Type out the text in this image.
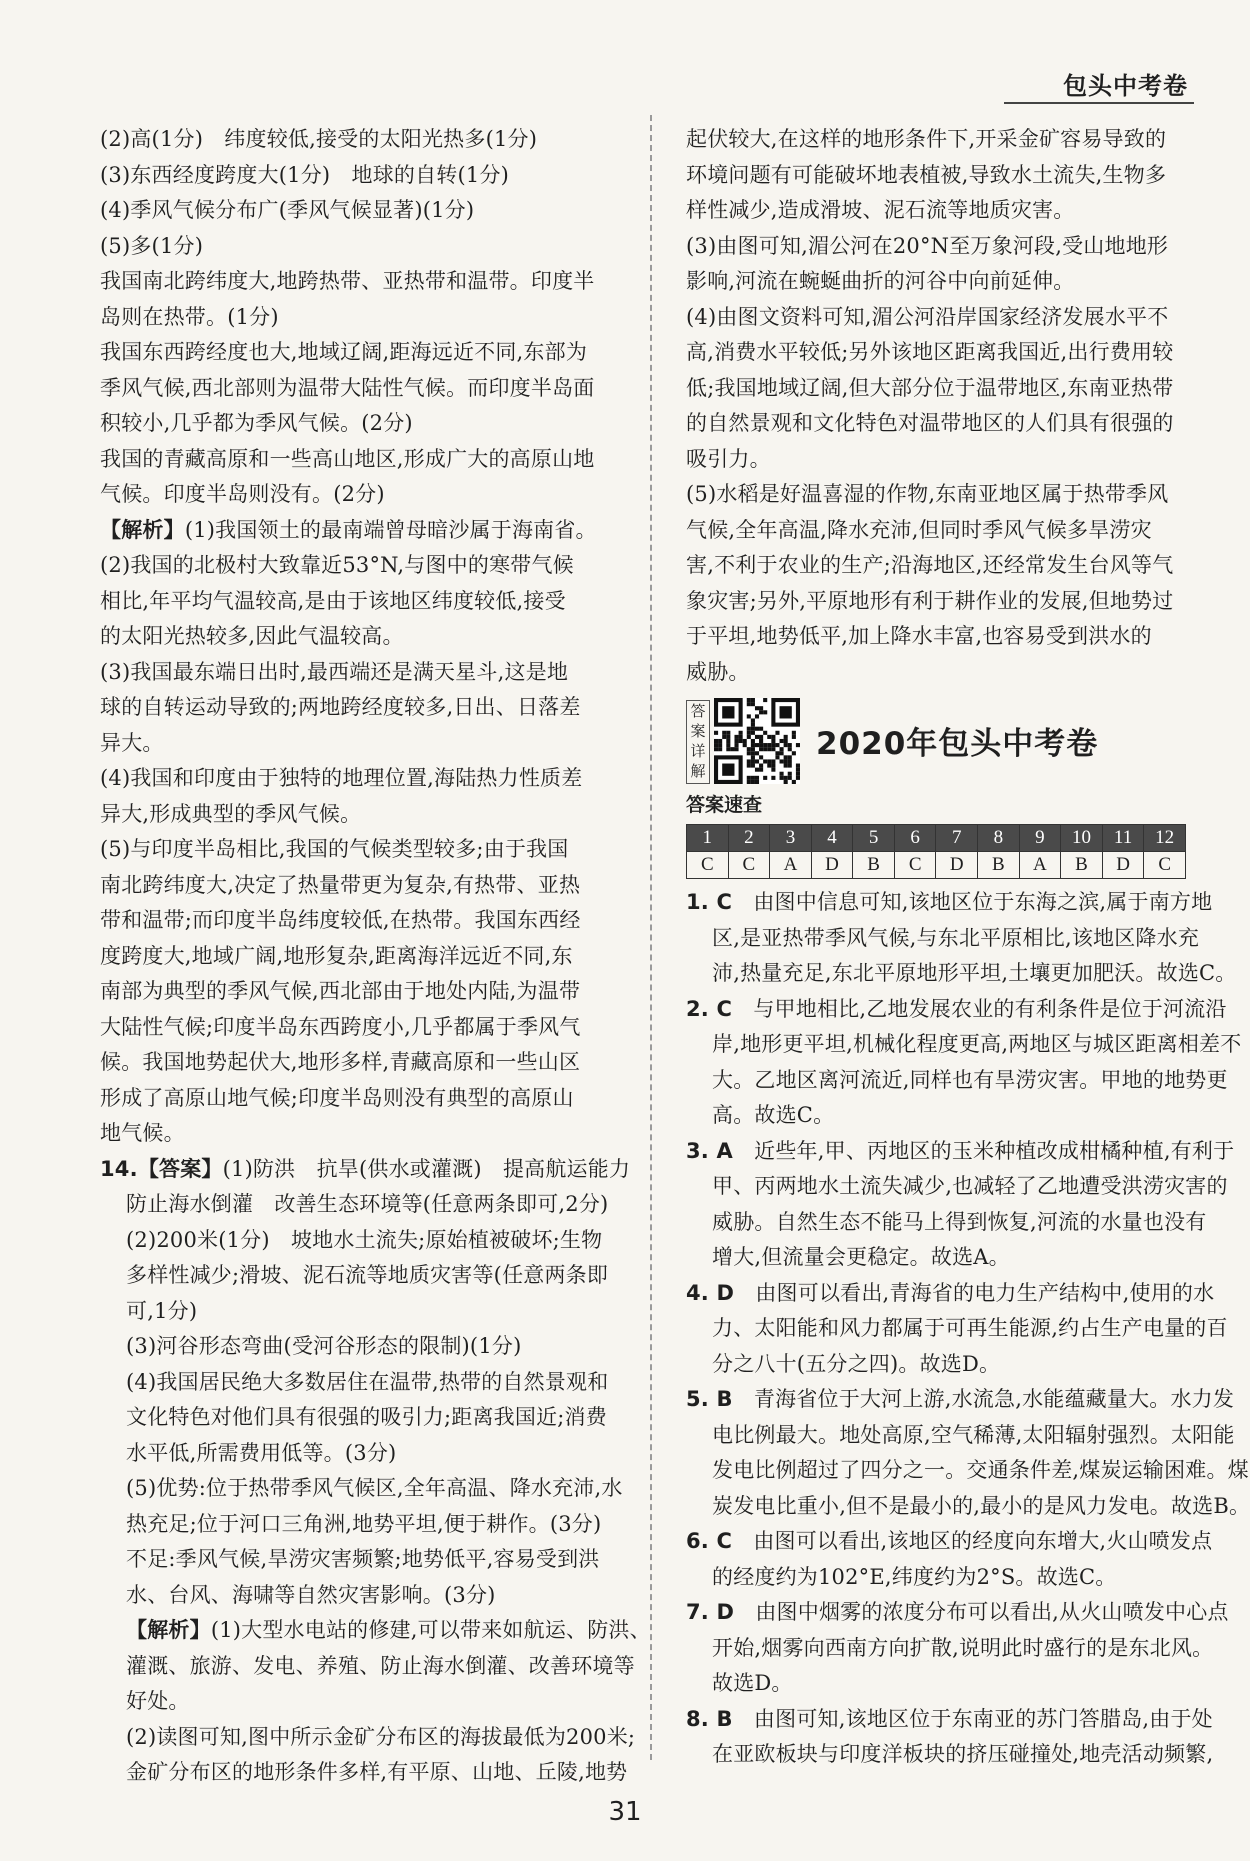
包头中考卷
(2)高(1分)　纬度较低,接受的太阳光热多(1分)
(3)东西经度跨度大(1分)　地球的自转(1分)
(4)季风气候分布广(季风气候显著)(1分)
(5)多(1分)
我国南北跨纬度大,地跨热带、亚热带和温带。印度半
岛则在热带。(1分)
我国东西跨经度也大,地域辽阔,距海远近不同,东部为
季风气候,西北部则为温带大陆性气候。而印度半岛面
积较小,几乎都为季风气候。(2分)
我国的青藏高原和一些高山地区,形成广大的高原山地
气候。印度半岛则没有。(2分)
【解析】(1)我国领土的最南端曾母暗沙属于海南省。
(2)我国的北极村大致靠近53°N,与图中的寒带气候
相比,年平均气温较高,是由于该地区纬度较低,接受
的太阳光热较多,因此气温较高。
(3)我国最东端日出时,最西端还是满天星斗,这是地
球的自转运动导致的;两地跨经度较多,日出、日落差
异大。
(4)我国和印度由于独特的地理位置,海陆热力性质差
异大,形成典型的季风气候。
(5)与印度半岛相比,我国的气候类型较多;由于我国
南北跨纬度大,决定了热量带更为复杂,有热带、亚热
带和温带;而印度半岛纬度较低,在热带。我国东西经
度跨度大,地域广阔,地形复杂,距离海洋远近不同,东
南部为典型的季风气候,西北部由于地处内陆,为温带
大陆性气候;印度半岛东西跨度小,几乎都属于季风气
候。我国地势起伏大,地形多样,青藏高原和一些山区
形成了高原山地气候;印度半岛则没有典型的高原山
地气候。
14.【答案】(1)防洪　抗旱(供水或灌溉)　提高航运能力
防止海水倒灌　改善生态环境等(任意两条即可,2分)
(2)200米(1分)　坡地水土流失;原始植被破坏;生物
多样性减少;滑坡、泥石流等地质灾害等(任意两条即
可,1分)
(3)河谷形态弯曲(受河谷形态的限制)(1分)
(4)我国居民绝大多数居住在温带,热带的自然景观和
文化特色对他们具有很强的吸引力;距离我国近;消费
水平低,所需费用低等。(3分)
(5)优势:位于热带季风气候区,全年高温、降水充沛,水
热充足;位于河口三角洲,地势平坦,便于耕作。(3分)
不足:季风气候,旱涝灾害频繁;地势低平,容易受到洪
水、台风、海啸等自然灾害影响。(3分)
【解析】(1)大型水电站的修建,可以带来如航运、防洪、
灌溉、旅游、发电、养殖、防止海水倒灌、改善环境等
好处。
(2)读图可知,图中所示金矿分布区的海拔最低为200米;
金矿分布区的地形条件多样,有平原、山地、丘陵,地势
起伏较大,在这样的地形条件下,开采金矿容易导致的
环境问题有可能破坏地表植被,导致水土流失,生物多
样性减少,造成滑坡、泥石流等地质灾害。
(3)由图可知,湄公河在20°N至万象河段,受山地地形
影响,河流在蜿蜒曲折的河谷中向前延伸。
(4)由图文资料可知,湄公河沿岸国家经济发展水平不
高,消费水平较低;另外该地区距离我国近,出行费用较
低;我国地域辽阔,但大部分位于温带地区,东南亚热带
的自然景观和文化特色对温带地区的人们具有很强的
吸引力。
(5)水稻是好温喜湿的作物,东南亚地区属于热带季风
气候,全年高温,降水充沛,但同时季风气候多旱涝灾
害,不利于农业的生产;沿海地区,还经常发生台风等气
象灾害;另外,平原地形有利于耕作业的发展,但地势过
于平坦,地势低平,加上降水丰富,也容易受到洪水的
威胁。
答
案
详
解
2020年包头中考卷
答案速查
1	2	3	4	5	6	7	8	9	10	11	12
C	C	A	D	B	C	D	B	A	B	D	C
1. C　由图中信息可知,该地区位于东海之滨,属于南方地
区,是亚热带季风气候,与东北平原相比,该地区降水充
沛,热量充足,东北平原地形平坦,土壤更加肥沃。故选C。
2. C　与甲地相比,乙地发展农业的有利条件是位于河流沿
岸,地形更平坦,机械化程度更高,两地区与城区距离相差不
大。乙地区离河流近,同样也有旱涝灾害。甲地的地势更
高。故选C。
3. A　近些年,甲、丙地区的玉米种植改成柑橘种植,有利于
甲、丙两地水土流失减少,也减轻了乙地遭受洪涝灾害的
威胁。自然生态不能马上得到恢复,河流的水量也没有
增大,但流量会更稳定。故选A。
4. D　由图可以看出,青海省的电力生产结构中,使用的水
力、太阳能和风力都属于可再生能源,约占生产电量的百
分之八十(五分之四)。故选D。
5. B　青海省位于大河上游,水流急,水能蕴藏量大。水力发
电比例最大。地处高原,空气稀薄,太阳辐射强烈。太阳能
发电比例超过了四分之一。交通条件差,煤炭运输困难。煤
炭发电比重小,但不是最小的,最小的是风力发电。故选B。
6. C　由图可以看出,该地区的经度向东增大,火山喷发点
的经度约为102°E,纬度约为2°S。故选C。
7. D　由图中烟雾的浓度分布可以看出,从火山喷发中心点
开始,烟雾向西南方向扩散,说明此时盛行的是东北风。
故选D。
8. B　由图可知,该地区位于东南亚的苏门答腊岛,由于处
在亚欧板块与印度洋板块的挤压碰撞处,地壳活动频繁,
31
